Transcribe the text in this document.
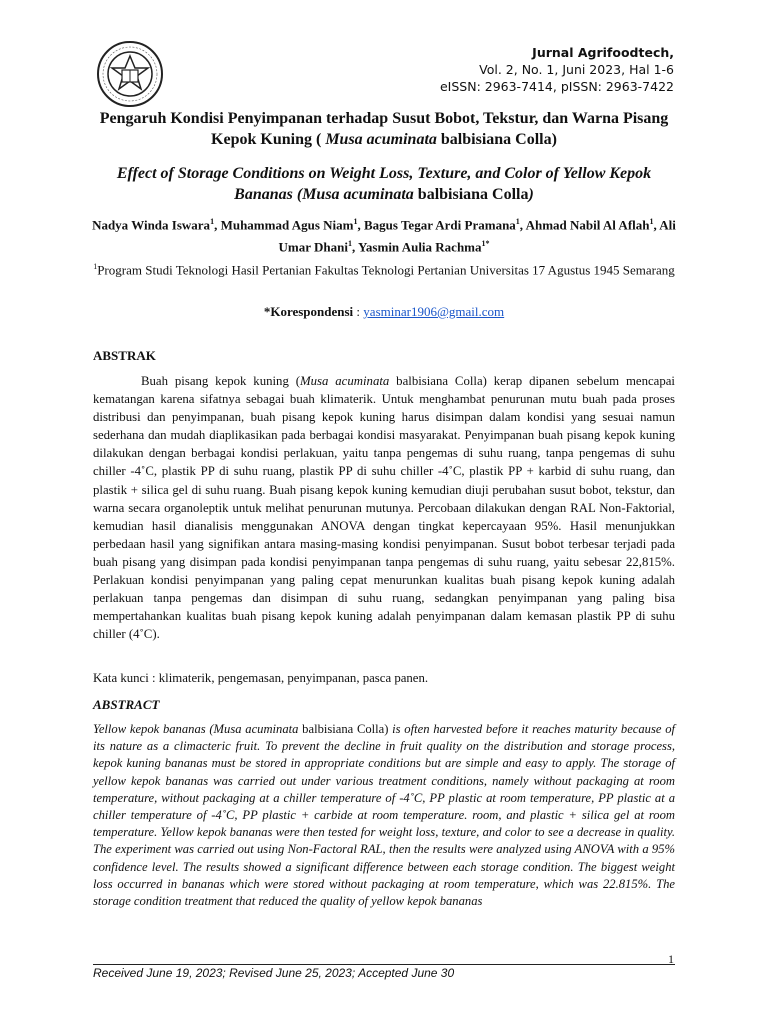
Jurnal Agrifoodtech,
Vol. 2, No. 1, Juni 2023, Hal 1-6
eISSN: 2963-7414, pISSN: 2963-7422
Pengaruh Kondisi Penyimpanan terhadap Susut Bobot, Tekstur, dan Warna Pisang Kepok Kuning ( Musa acuminata balbisiana Colla)
Effect of Storage Conditions on Weight Loss, Texture, and Color of Yellow Kepok Bananas (Musa acuminata balbisiana Colla)
Nadya Winda Iswara$^1$, Muhammad Agus Niam$^1$, Bagus Tegar Ardi Pramana$^1$, Ahmad Nabil Al Aflah$^1$, Ali Umar Dhani$^1$, Yasmin Aulia Rachma$^{1*}$
$^1$Program Studi Teknologi Hasil Pertanian Fakultas Teknologi Pertanian Universitas 17 Agustus 1945 Semarang
*Korespondensi : yasminar1906@gmail.com
ABSTRAK

Buah pisang kepok kuning (Musa acuminata balbisiana Colla) kerap dipanen sebelum mencapai kematangan karena sifatnya sebagai buah klimaterik. Untuk menghambat penurunan mutu buah pada proses distribusi dan penyimpanan, buah pisang kepok kuning harus disimpan dalam kondisi yang sesuai namun sederhana dan mudah diaplikasikan pada berbagai kondisi masyarakat. Penyimpanan buah pisang kepok kuning dilakukan dengan berbagai kondisi perlakuan, yaitu tanpa pengemas di suhu ruang, tanpa pengemas di suhu chiller -4˚C, plastik PP di suhu ruang, plastik PP di suhu chiller -4˚C, plastik PP + karbid di suhu ruang, dan plastik + silica gel di suhu ruang. Buah pisang kepok kuning kemudian diuji perubahan susut bobot, tekstur, dan warna secara organoleptik untuk melihat penurunan mutunya. Percobaan dilakukan dengan RAL Non-Faktorial, kemudian hasil dianalisis menggunakan ANOVA dengan tingkat kepercayaan 95%. Hasil menunjukkan perbedaan hasil yang signifikan antara masing-masing kondisi penyimpanan. Susut bobot terbesar terjadi pada buah pisang yang disimpan pada kondisi penyimpanan tanpa pengemas di suhu ruang, yaitu sebesar 22,815%. Perlakuan kondisi penyimpanan yang paling cepat menurunkan kualitas buah pisang kepok kuning adalah perlakuan tanpa pengemas dan disimpan di suhu ruang, sedangkan penyimpanan yang paling bisa mempertahankan kualitas buah pisang kepok kuning adalah penyimpanan dalam kemasan plastik PP di suhu chiller (4˚C).

Kata kunci : klimaterik, pengemasan, penyimpanan, pasca panen.
ABSTRACT

Yellow kepok bananas (Musa acuminata balbisiana Colla) is often harvested before it reaches maturity because of its nature as a climacteric fruit. To prevent the decline in fruit quality on the distribution and storage process, kepok kuning bananas must be stored in appropriate conditions but are simple and easy to apply. The storage of yellow kepok bananas was carried out under various treatment conditions, namely without packaging at room temperature, without packaging at a chiller temperature of -4˚C, PP plastic at room temperature, PP plastic at a chiller temperature of -4˚C, PP plastic + carbide at room temperature. room, and plastic + silica gel at room temperature. Yellow kepok bananas were then tested for weight loss, texture, and color to see a decrease in quality. The experiment was carried out using Non-Factoral RAL, then the results were analyzed using ANOVA with a 95% confidence level. The results showed a significant difference between each storage condition. The biggest weight loss occurred in bananas which were stored without packaging at room temperature, which was 22.815%. The storage condition treatment that reduced the quality of yellow kepok bananas

1
Received June 19, 2023; Revised June 25, 2023; Accepted June 30
